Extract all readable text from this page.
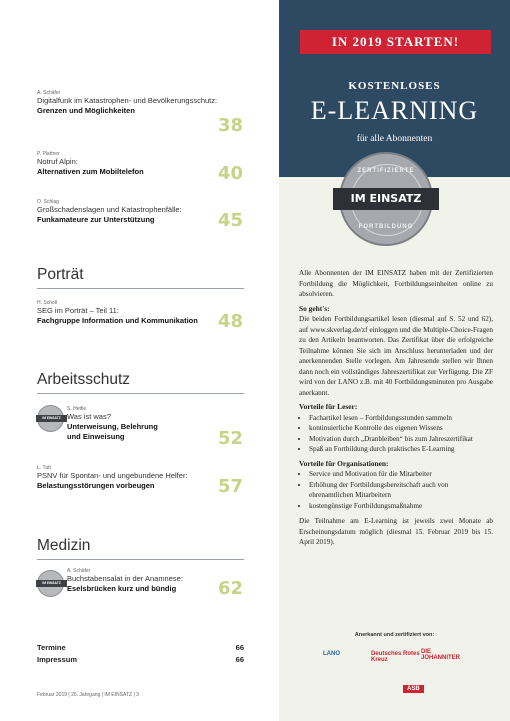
A. Schäfer
Digitalfunk im Katastrophen- und Bevölkerungsschutz:
Grenzen und Möglichkeiten
38
P. Plattner
Notruf Alpin:
Alternativen zum Mobiltelefon	40
O. Schlag
Großschadenslagen und Katastrophenfälle:
Funkamateure zur Unterstützung	45
Porträt
H. Scholl
SEG im Porträt – Teil 11:
Fachgruppe Information und Kommunikation	48
Arbeitsschutz
IM EINSATZ
S. Hettle
Was ist was?
Unterweisung, Belehrung und Einweisung	52
L. Tutt
PSNV für Spontan- und ungebundene Helfer:
Belastungsstörungen vorbeugen	57
Medizin
IM EINSATZ
A. Schäfer
Buchstabensalat in der Anamnese:
Eselsbrücken kurz und bündig	62
Termine	66
Impressum	66
Februar 2019 | 26. Jahrgang | IM EINSATZ | 3
IN 2019 STARTEN!
KOSTENLOSES
E-LEARNING
für alle Abonnenten
ZERTIFIZIERTE
IM EINSATZ
FORTBILDUNG

Alle Abonnenten der IM EINSATZ haben mit der Zertifizierten Fortbildung die Möglichkeit, Fortbildungseinheiten online zu absolvieren.

So geht's:

Die beiden Fortbildungsartikel lesen (diesmal auf S. 52 und 62), auf www.skverlag.de/zf einloggen und die Multiple-Choice-Fragen zu den Artikeln beantworten. Das Zertifikat über die erfolgreiche Teilnahme können Sie sich im Anschluss herunterladen und der anerkennenden Stelle vorlegen. Am Jahresende stellen wir Ihnen dann noch ein vollständiges Jahreszertifikat zur Verfügung. Die ZF wird von der LANO z.B. mit 40 Fortbildungsminuten pro Ausgabe anerkannt.

Vorteile für Leser:
• Fachartikel lesen – Fortbildungsstunden sammeln
• kontinuierliche Kontrolle des eigenen Wissens
• Motivation durch „Dranbleiben“ bis zum Jahreszertifikat
• Spaß an Fortbildung durch praktisches E-Learning
Vorteile für Organisationen:
• Service und Motivation für die Mitarbeiter
• Erhöhung der Fortbildungsbereitschaft auch von ehrenamtlichen Mitarbeitern
• kostengünstige Fortbildungsmaßnahme

Die Teilnahme am E-Learning ist jeweils zwei Monate ab Erscheinungsdatum möglich (diesmal 15. Februar 2019 bis 15. April 2019).

Anerkannt und zertifiziert von:
LANO	Deutsches Rotes Kreuz
DIE JOHANNITER
ASB
